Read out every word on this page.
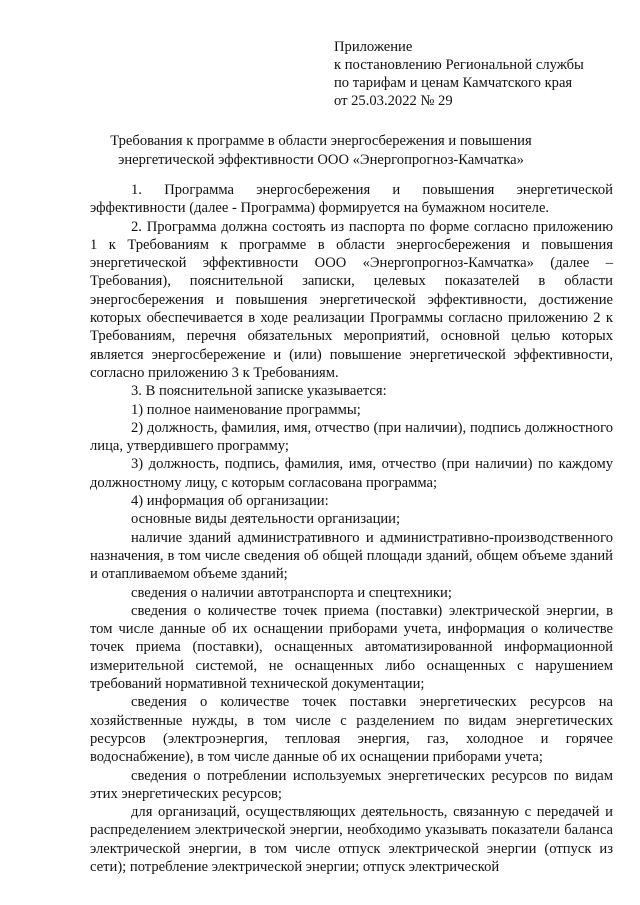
Приложение
к постановлению Региональной службы
по тарифам и ценам Камчатского края
от 25.03.2022 № 29
Требования к программе в области энергосбережения и повышения
энергетической эффективности ООО «Энергопрогноз-Камчатка»

1. Программа энергосбережения и повышения энергетической эффективности (далее - Программа) формируется на бумажном носителе.

2. Программа должна состоять из паспорта по форме согласно приложению 1 к Требованиям к программе в области энергосбережения и повышения энергетической эффективности ООО «Энергопрогноз-Камчатка» (далее – Требования), пояснительной записки, целевых показателей в области энергосбережения и повышения энергетической эффективности, достижение которых обеспечивается в ходе реализации Программы согласно приложению 2 к Требованиям, перечня обязательных мероприятий, основной целью которых является энергосбережение и (или) повышение энергетической эффективности, согласно приложению 3 к Требованиям.

3. В пояснительной записке указывается:

1) полное наименование программы;

2) должность, фамилия, имя, отчество (при наличии), подпись должностного лица, утвердившего программу;

3) должность, подпись, фамилия, имя, отчество (при наличии) по каждому должностному лицу, с которым согласована программа;

4) информация об организации:

основные виды деятельности организации;

наличие зданий административного и административно-производственного назначения, в том числе сведения об общей площади зданий, общем объеме зданий и отапливаемом объеме зданий;

сведения о наличии автотранспорта и спецтехники;

сведения о количестве точек приема (поставки) электрической энергии, в том числе данные об их оснащении приборами учета, информация о количестве точек приема (поставки), оснащенных автоматизированной информационной измерительной системой, не оснащенных либо оснащенных с нарушением требований нормативной технической документации;

сведения о количестве точек поставки энергетических ресурсов на хозяйственные нужды, в том числе с разделением по видам энергетических ресурсов (электроэнергия, тепловая энергия, газ, холодное и горячее водоснабжение), в том числе данные об их оснащении приборами учета;

сведения о потреблении используемых энергетических ресурсов по видам этих энергетических ресурсов;

для организаций, осуществляющих деятельность, связанную с передачей и распределением электрической энергии, необходимо указывать показатели баланса электрической энергии, в том числе отпуск электрической энергии (отпуск из сети); потребление электрической энергии; отпуск электрической
